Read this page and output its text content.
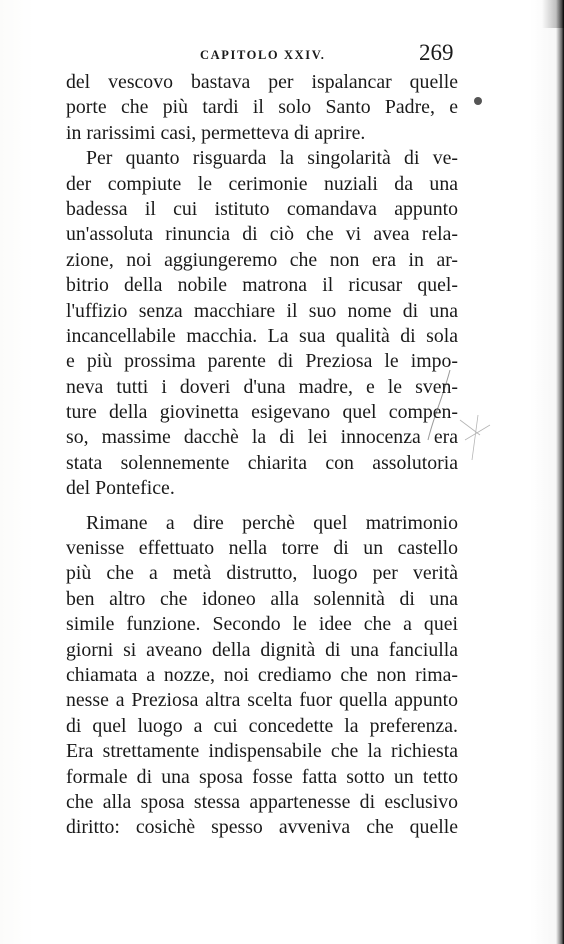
CAPITOLO XXIV.	269
del vescovo bastava per ispalancar quelle
porte che più tardi il solo Santo Padre, e
in rarissimi casi, permetteva di aprire.
Per quanto risguarda la singolarità di ve-
der compiute le cerimonie nuziali da una
badessa il cui istituto comandava appunto
un'assoluta rinuncia di ciò che vi avea rela-
zione, noi aggiungeremo che non era in ar-
bitrio della nobile matrona il ricusar quel-
l'uffizio senza macchiare il suo nome di una
incancellabile macchia. La sua qualità di sola
e più prossima parente di Preziosa le impo-
neva tutti i doveri d'una madre, e le sven-
ture della giovinetta esigevano quel compen-
so, massime dacchè la di lei innocenza era
stata solennemente chiarita con assolutoria
del Pontefice.
Rimane a dire perchè quel matrimonio
venisse effettuato nella torre di un castello
più che a metà distrutto, luogo per verità
ben altro che idoneo alla solennità di una
simile funzione. Secondo le idee che a quei
giorni si aveano della dignità di una fanciulla
chiamata a nozze, noi crediamo che non rima-
nesse a Preziosa altra scelta fuor quella appunto
di quel luogo a cui concedette la preferenza.
Era strettamente indispensabile che la richiesta
formale di una sposa fosse fatta sotto un tetto
che alla sposa stessa appartenesse di esclusivo
diritto: cosichè spesso avveniva che quelle
